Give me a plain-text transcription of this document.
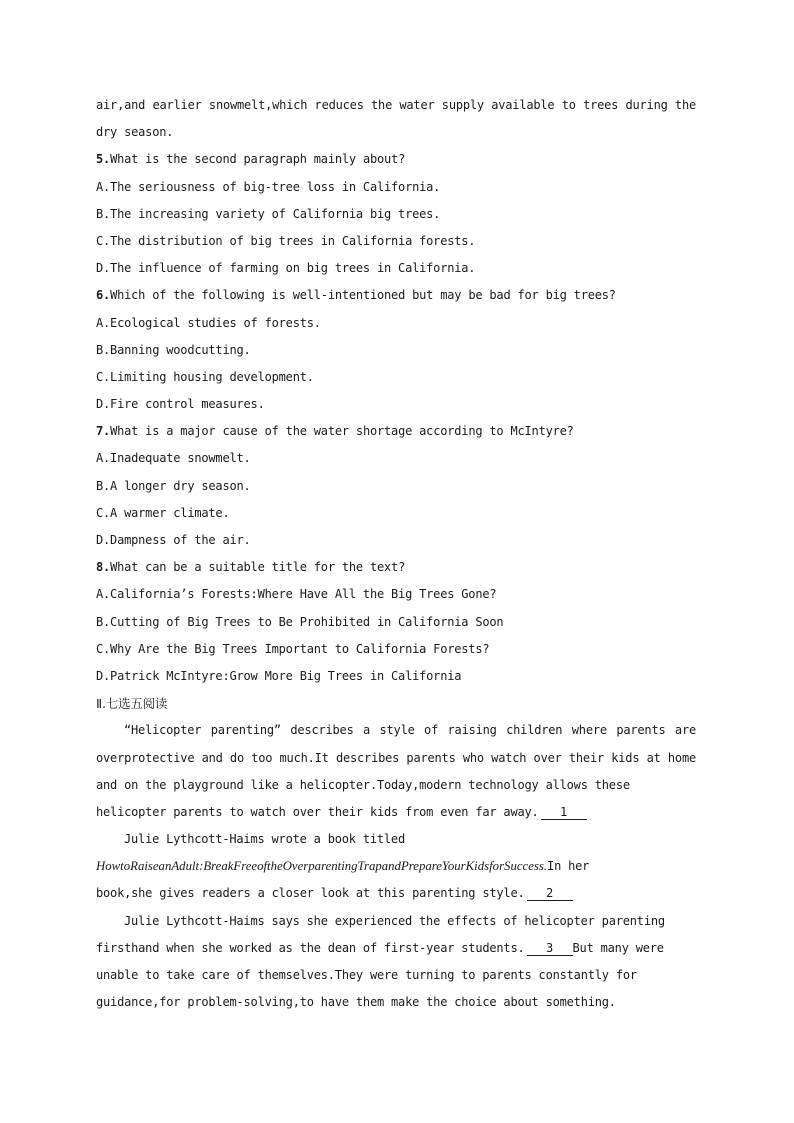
air,and earlier snowmelt,which reduces the water supply available to trees during the
dry season.
5.What is the second paragraph mainly about?
A.The seriousness of big-tree loss in California.
B.The increasing variety of California big trees.
C.The distribution of big trees in California forests.
D.The influence of farming on big trees in California.
6.Which of the following is well-intentioned but may be bad for big trees?
A.Ecological studies of forests.
B.Banning woodcutting.
C.Limiting housing development.
D.Fire control measures.
7.What is a major cause of the water shortage according to McIntyre?
A.Inadequate snowmelt.
B.A longer dry season.
C.A warmer climate.
D.Dampness of the air.
8.What can be a suitable title for the text?
A.California’s Forests:Where Have All the Big Trees Gone?
B.Cutting of Big Trees to Be Prohibited in California Soon
C.Why Are the Big Trees Important to California Forests?
D.Patrick McIntyre:Grow More Big Trees in California
Ⅱ.七选五阅读
“Helicopter parenting” describes a style of raising children where parents are
overprotective and do too much.It describes parents who watch over their kids at home
and on the playground like a helicopter.Today,modern technology allows these
helicopter parents to watch over their kids from even far away. 1
Julie Lythcott-Haims wrote a book titled
HowtoRaiseanAdult:BreakFreeoftheOverparentingTrapandPrepareYourKidsforSuccess.In her
book,she gives readers a closer look at this parenting style. 2
Julie Lythcott-Haims says she experienced the effects of helicopter parenting
firsthand when she worked as the dean of first-year students. 3 But many were
unable to take care of themselves.They were turning to parents constantly for
guidance,for problem-solving,to have them make the choice about something.
